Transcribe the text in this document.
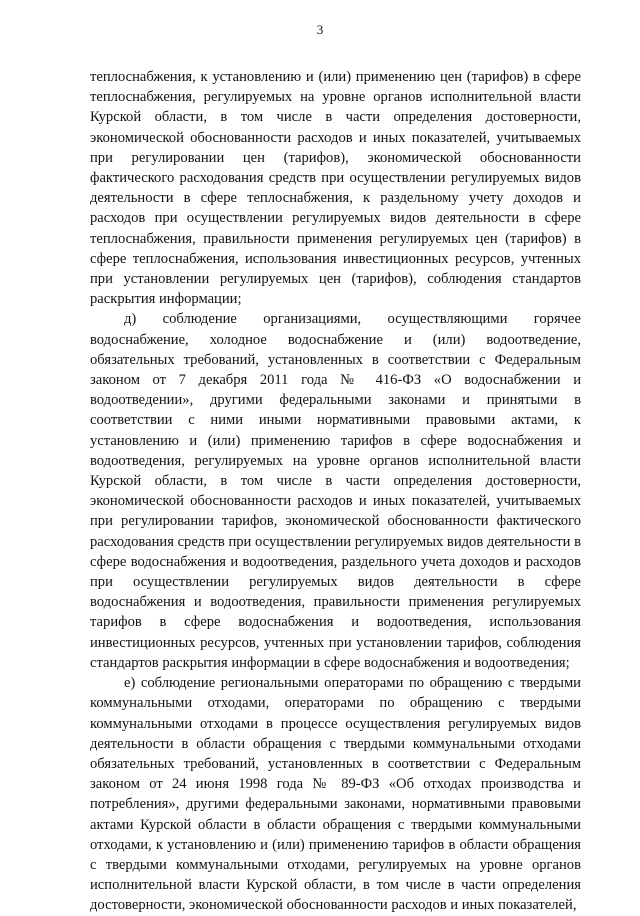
3

теплоснабжения, к установлению и (или) применению цен (тарифов) в сфере теплоснабжения, регулируемых на уровне органов исполнительной власти Курской области, в том числе в части определения достоверности, экономической обоснованности расходов и иных показателей, учитываемых при регулировании цен (тарифов), экономической обоснованности фактического расходования средств при осуществлении регулируемых видов деятельности в сфере теплоснабжения, к раздельному учету доходов и расходов при осуществлении регулируемых видов деятельности в сфере теплоснабжения, правильности применения регулируемых цен (тарифов) в сфере теплоснабжения, использования инвестиционных ресурсов, учтенных при установлении регулируемых цен (тарифов), соблюдения стандартов раскрытия информации;

д) соблюдение организациями, осуществляющими горячее водоснабжение, холодное водоснабжение и (или) водоотведение, обязательных требований, установленных в соответствии с Федеральным законом от 7 декабря 2011 года № 416-ФЗ «О водоснабжении и водоотведении», другими федеральными законами и принятыми в соответствии с ними иными нормативными правовыми актами, к установлению и (или) применению тарифов в сфере водоснабжения и водоотведения, регулируемых на уровне органов исполнительной власти Курской области, в том числе в части определения достоверности, экономической обоснованности расходов и иных показателей, учитываемых при регулировании тарифов, экономической обоснованности фактического расходования средств при осуществлении регулируемых видов деятельности в сфере водоснабжения и водоотведения, раздельного учета доходов и расходов при осуществлении регулируемых видов деятельности в сфере водоснабжения и водоотведения, правильности применения регулируемых тарифов в сфере водоснабжения и водоотведения, использования инвестиционных ресурсов, учтенных при установлении тарифов, соблюдения стандартов раскрытия информации в сфере водоснабжения и водоотведения;

е) соблюдение региональными операторами по обращению с твердыми коммунальными отходами, операторами по обращению с твердыми коммунальными отходами в процессе осуществления регулируемых видов деятельности в области обращения с твердыми коммунальными отходами обязательных требований, установленных в соответствии с Федеральным законом от 24 июня 1998 года № 89-ФЗ «Об отходах производства и потребления», другими федеральными законами, нормативными правовыми актами Курской области в области обращения с твердыми коммунальными отходами, к установлению и (или) применению тарифов в области обращения с твердыми коммунальными отходами, регулируемых на уровне органов исполнительной власти Курской области, в том числе в части определения достоверности, экономической обоснованности расходов и иных показателей,
